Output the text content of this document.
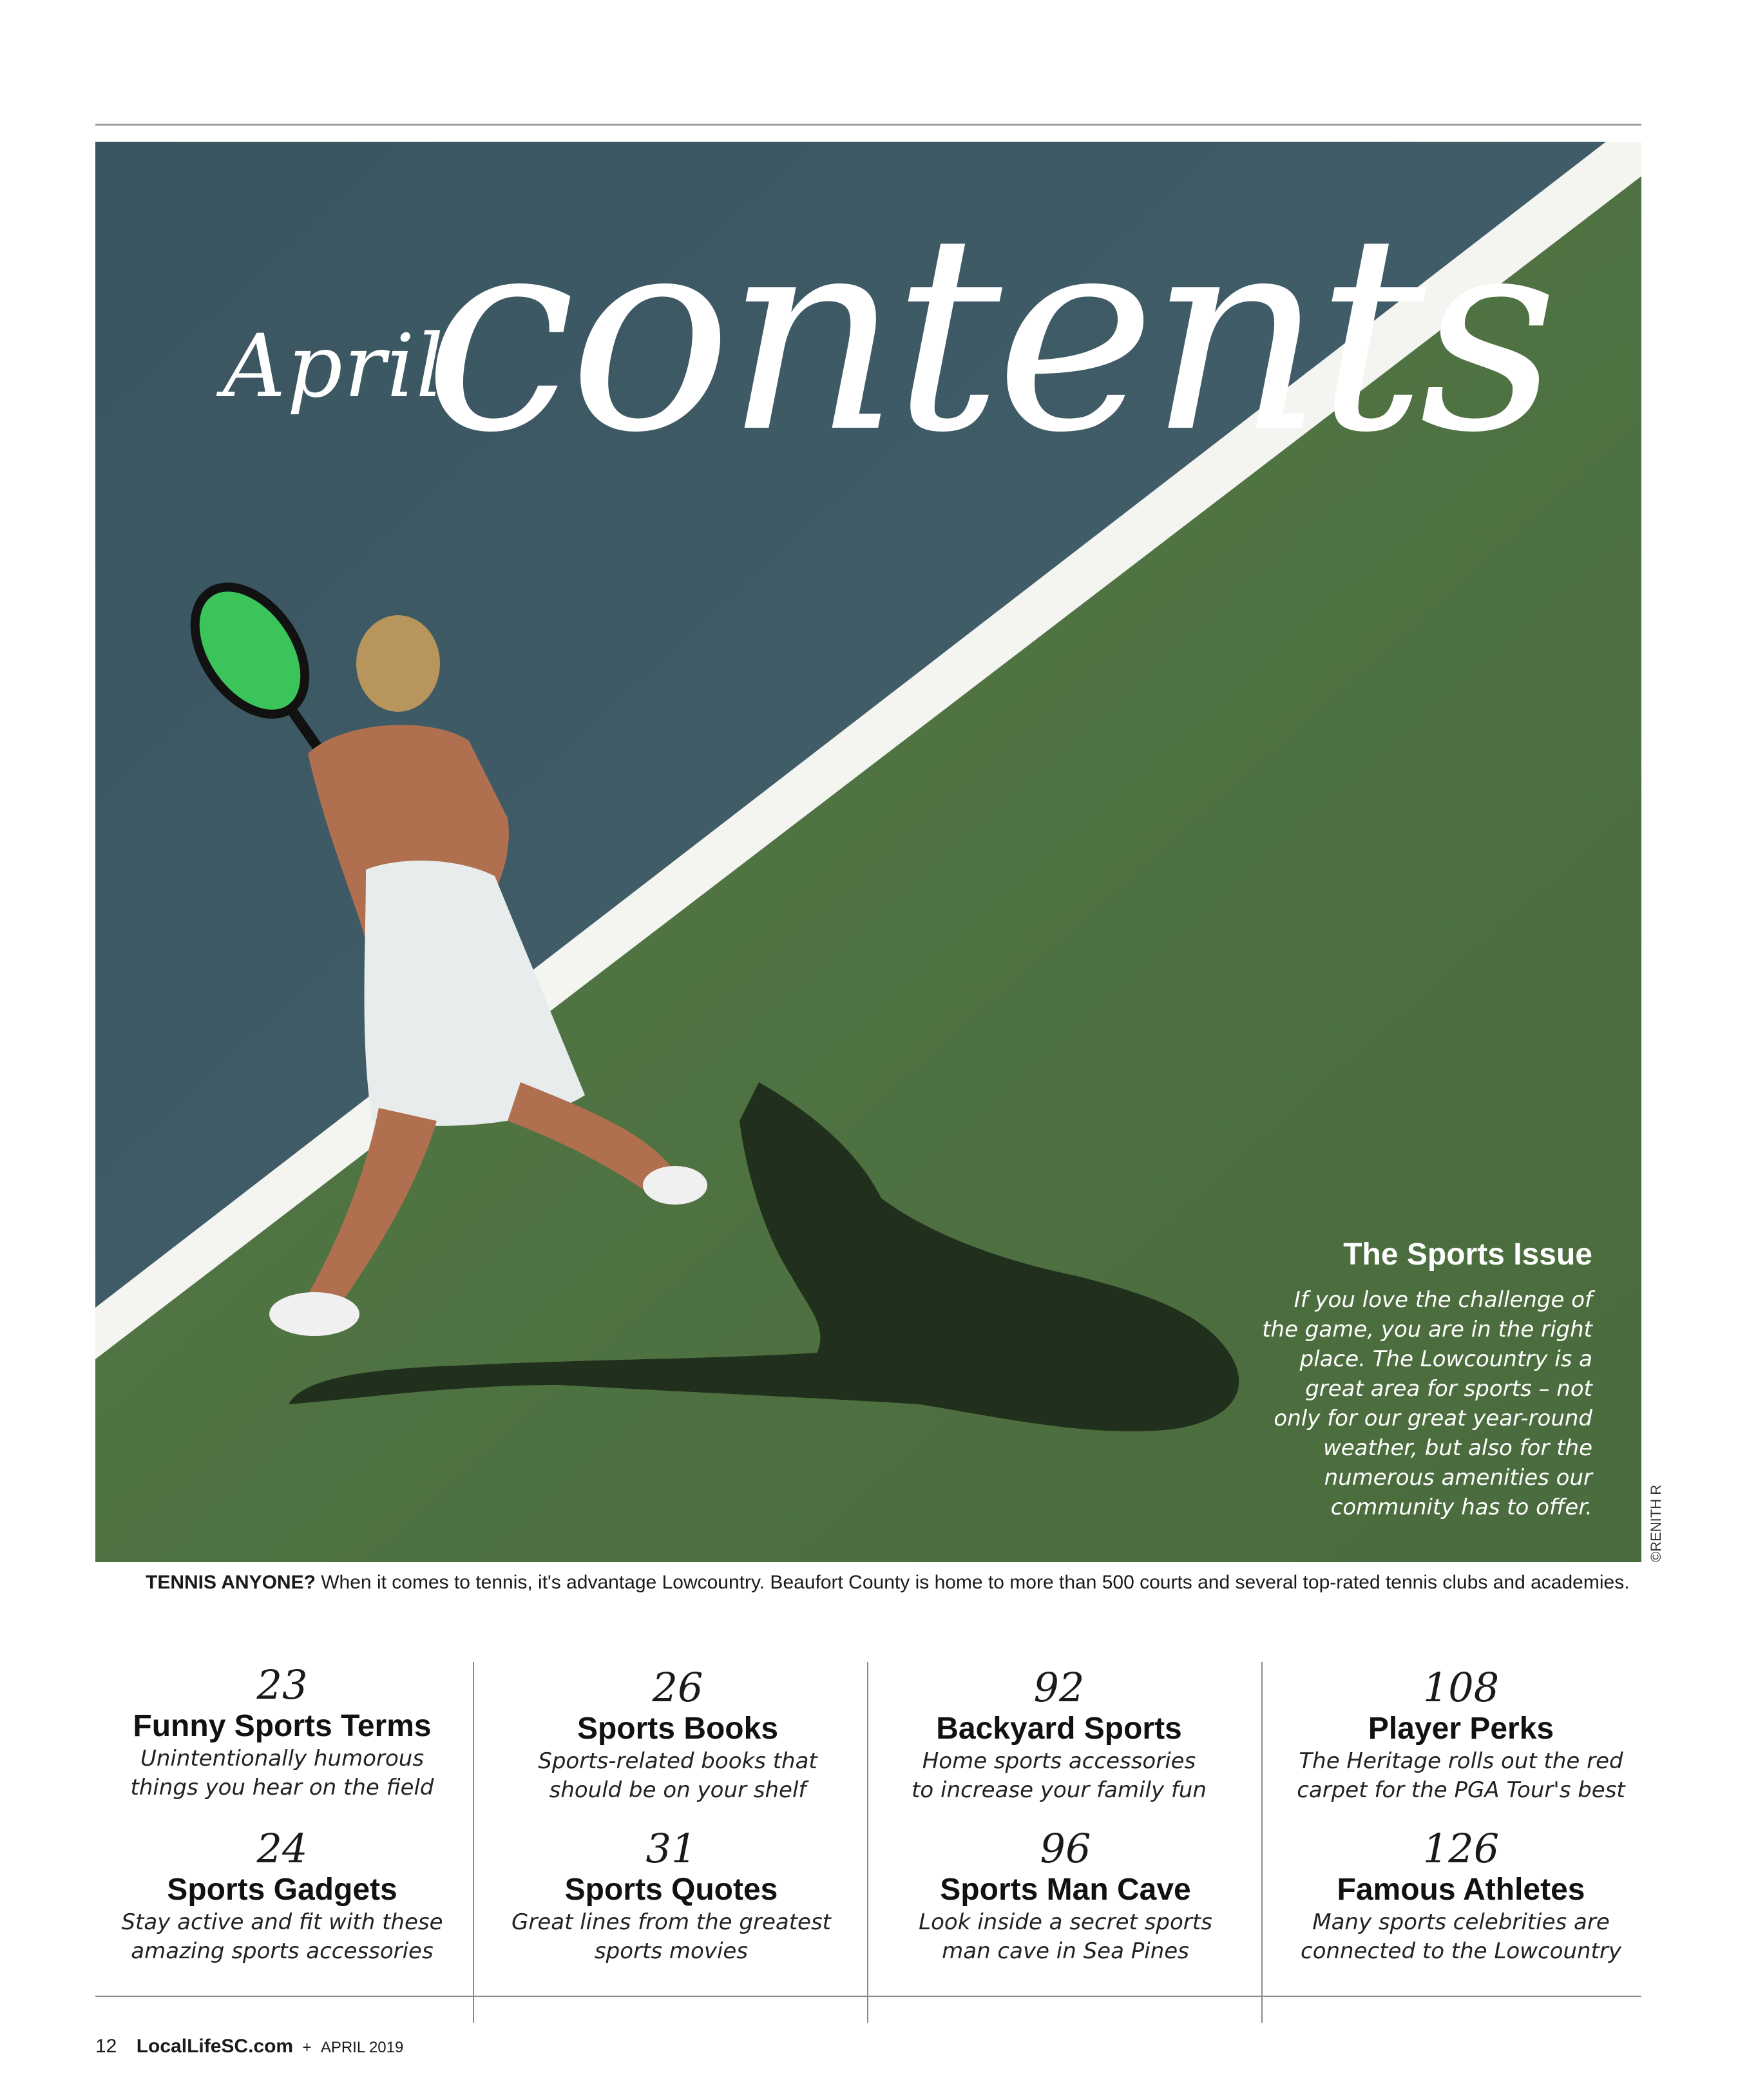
April
contents
The Sports Issue
If you love the challenge of
the game, you are in the right
place. The Lowcountry is a
great area for sports – not
only for our great year-round
weather, but also for the
numerous amenities our
community has to offer.	©RENITH R
TENNIS ANYONE? When it comes to tennis, it's advantage Lowcountry. Beaufort County is home to more than 500 courts and several top-rated tennis clubs and academies.
23
Funny Sports Terms
Unintentionally humorous
things you hear on the field
26
Sports Books
Sports-related books that
should be on your shelf
92
Backyard Sports
Home sports accessories
to increase your family fun
108
Player Perks
The Heritage rolls out the red
carpet for the PGA Tour's best
24
Sports Gadgets
Stay active and fit with these
amazing sports accessories
31
Sports Quotes
Great lines from the greatest
sports movies
96
Sports Man Cave
Look inside a secret sports
man cave in Sea Pines
126
Famous Athletes
Many sports celebrities are
connected to the Lowcountry
12 LocalLifeSC.com + APRIL 2019
